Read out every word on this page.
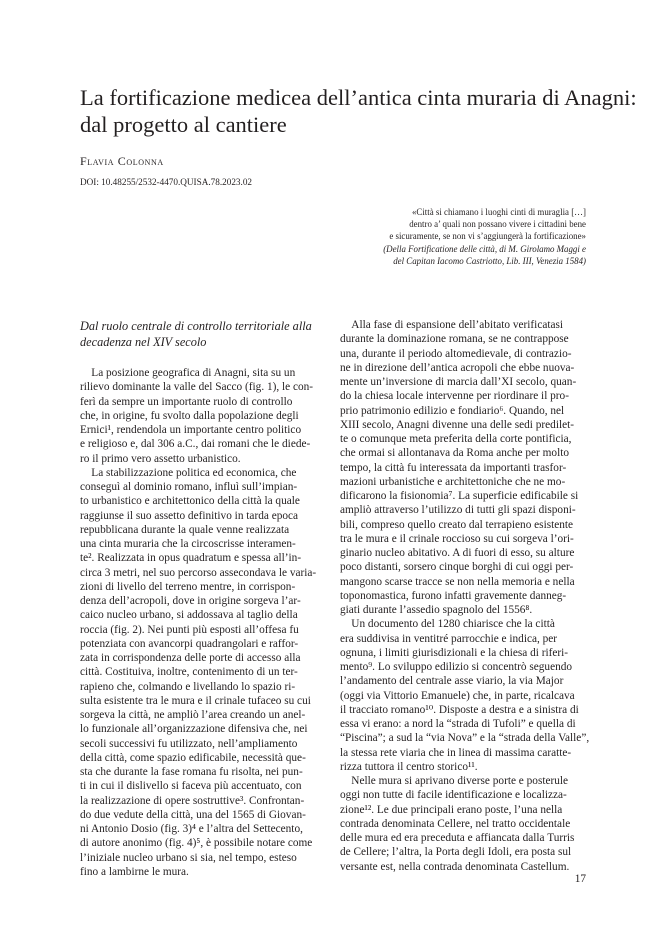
La fortificazione medicea dell’antica cinta muraria di Anagni:
dal progetto al cantiere
Flavia Colonna
DOI: 10.48255/2532-4470.QUISA.78.2023.02
«Città si chiamano i luoghi cinti di muraglia […]
dentro a’ quali non possano vivere i cittadini bene
e sicuramente, se non vi s’aggiungerà la fortificazione»
(Della Fortificatione delle città, di M. Girolamo Maggi e
del Capitan Iacomo Castriotto, Lib. III, Venezia 1584)
Dal ruolo centrale di controllo territoriale alla
decadenza nel XIV secolo
La posizione geografica di Anagni, sita su un
rilievo dominante la valle del Sacco (fig. 1), le con-
ferì da sempre un importante ruolo di controllo
che, in origine, fu svolto dalla popolazione degli
Ernici¹, rendendola un importante centro politico
e religioso e, dal 306 a.C., dai romani che le diede-
ro il primo vero assetto urbanistico.
La stabilizzazione politica ed economica, che
conseguì al dominio romano, influì sull’impian-
to urbanistico e architettonico della città la quale
raggiunse il suo assetto definitivo in tarda epoca
repubblicana durante la quale venne realizzata
una cinta muraria che la circoscrisse interamen-
te². Realizzata in opus quadratum e spessa all’in-
circa 3 metri, nel suo percorso assecondava le varia-
zioni di livello del terreno mentre, in corrispon-
denza dell’acropoli, dove in origine sorgeva l’ar-
caico nucleo urbano, si addossava al taglio della
roccia (fig. 2). Nei punti più esposti all’offesa fu
potenziata con avancorpi quadrangolari e raffor-
zata in corrispondenza delle porte di accesso alla
città. Costituiva, inoltre, contenimento di un ter-
rapieno che, colmando e livellando lo spazio ri-
sulta esistente tra le mura e il crinale tufaceo su cui
sorgeva la città, ne ampliò l’area creando un anel-
lo funzionale all’organizzazione difensiva che, nei
secoli successivi fu utilizzato, nell’ampliamento
della città, come spazio edificabile, necessità que-
sta che durante la fase romana fu risolta, nei pun-
ti in cui il dislivello si faceva più accentuato, con
la realizzazione di opere sostruttive³. Confrontan-
do due vedute della città, una del 1565 di Giovan-
ni Antonio Dosio (fig. 3)⁴ e l’altra del Settecento,
di autore anonimo (fig. 4)⁵, è possibile notare come
l’iniziale nucleo urbano si sia, nel tempo, esteso
fino a lambirne le mura.
Alla fase di espansione dell’abitato verificatasi
durante la dominazione romana, se ne contrappose
una, durante il periodo altomedievale, di contrazio-
ne in direzione dell’antica acropoli che ebbe nuova-
mente un’inversione di marcia dall’XI secolo, quan-
do la chiesa locale intervenne per riordinare il pro-
prio patrimonio edilizio e fondiario⁶. Quando, nel
XIII secolo, Anagni divenne una delle sedi predilet-
te o comunque meta preferita della corte pontificia,
che ormai si allontanava da Roma anche per molto
tempo, la città fu interessata da importanti trasfor-
mazioni urbanistiche e architettoniche che ne mo-
dificarono la fisionomia⁷. La superficie edificabile si
ampliò attraverso l’utilizzo di tutti gli spazi disponi-
bili, compreso quello creato dal terrapieno esistente
tra le mura e il crinale roccioso su cui sorgeva l’ori-
ginario nucleo abitativo. A di fuori di esso, su alture
poco distanti, sorsero cinque borghi di cui oggi per-
mangono scarse tracce se non nella memoria e nella
toponomastica, furono infatti gravemente danneg-
giati durante l’assedio spagnolo del 1556⁸.
Un documento del 1280 chiarisce che la città
era suddivisa in ventitré parrocchie e indica, per
ognuna, i limiti giurisdizionali e la chiesa di riferi-
mento⁹. Lo sviluppo edilizio si concentrò seguendo
l’andamento del centrale asse viario, la via Major
(oggi via Vittorio Emanuele) che, in parte, ricalcava
il tracciato romano¹⁰. Disposte a destra e a sinistra di
essa vi erano: a nord la “strada di Tufoli” e quella di
“Piscina”; a sud la “via Nova” e la “strada della Valle”,
la stessa rete viaria che in linea di massima caratte-
rizza tuttora il centro storico¹¹.
Nelle mura si aprivano diverse porte e posterule
oggi non tutte di facile identificazione e localizza-
zione¹². Le due principali erano poste, l’una nella
contrada denominata Cellere, nel tratto occidentale
delle mura ed era preceduta e affiancata dalla Turris
de Cellere; l’altra, la Porta degli Idoli, era posta sul
versante est, nella contrada denominata Castellum.
17
